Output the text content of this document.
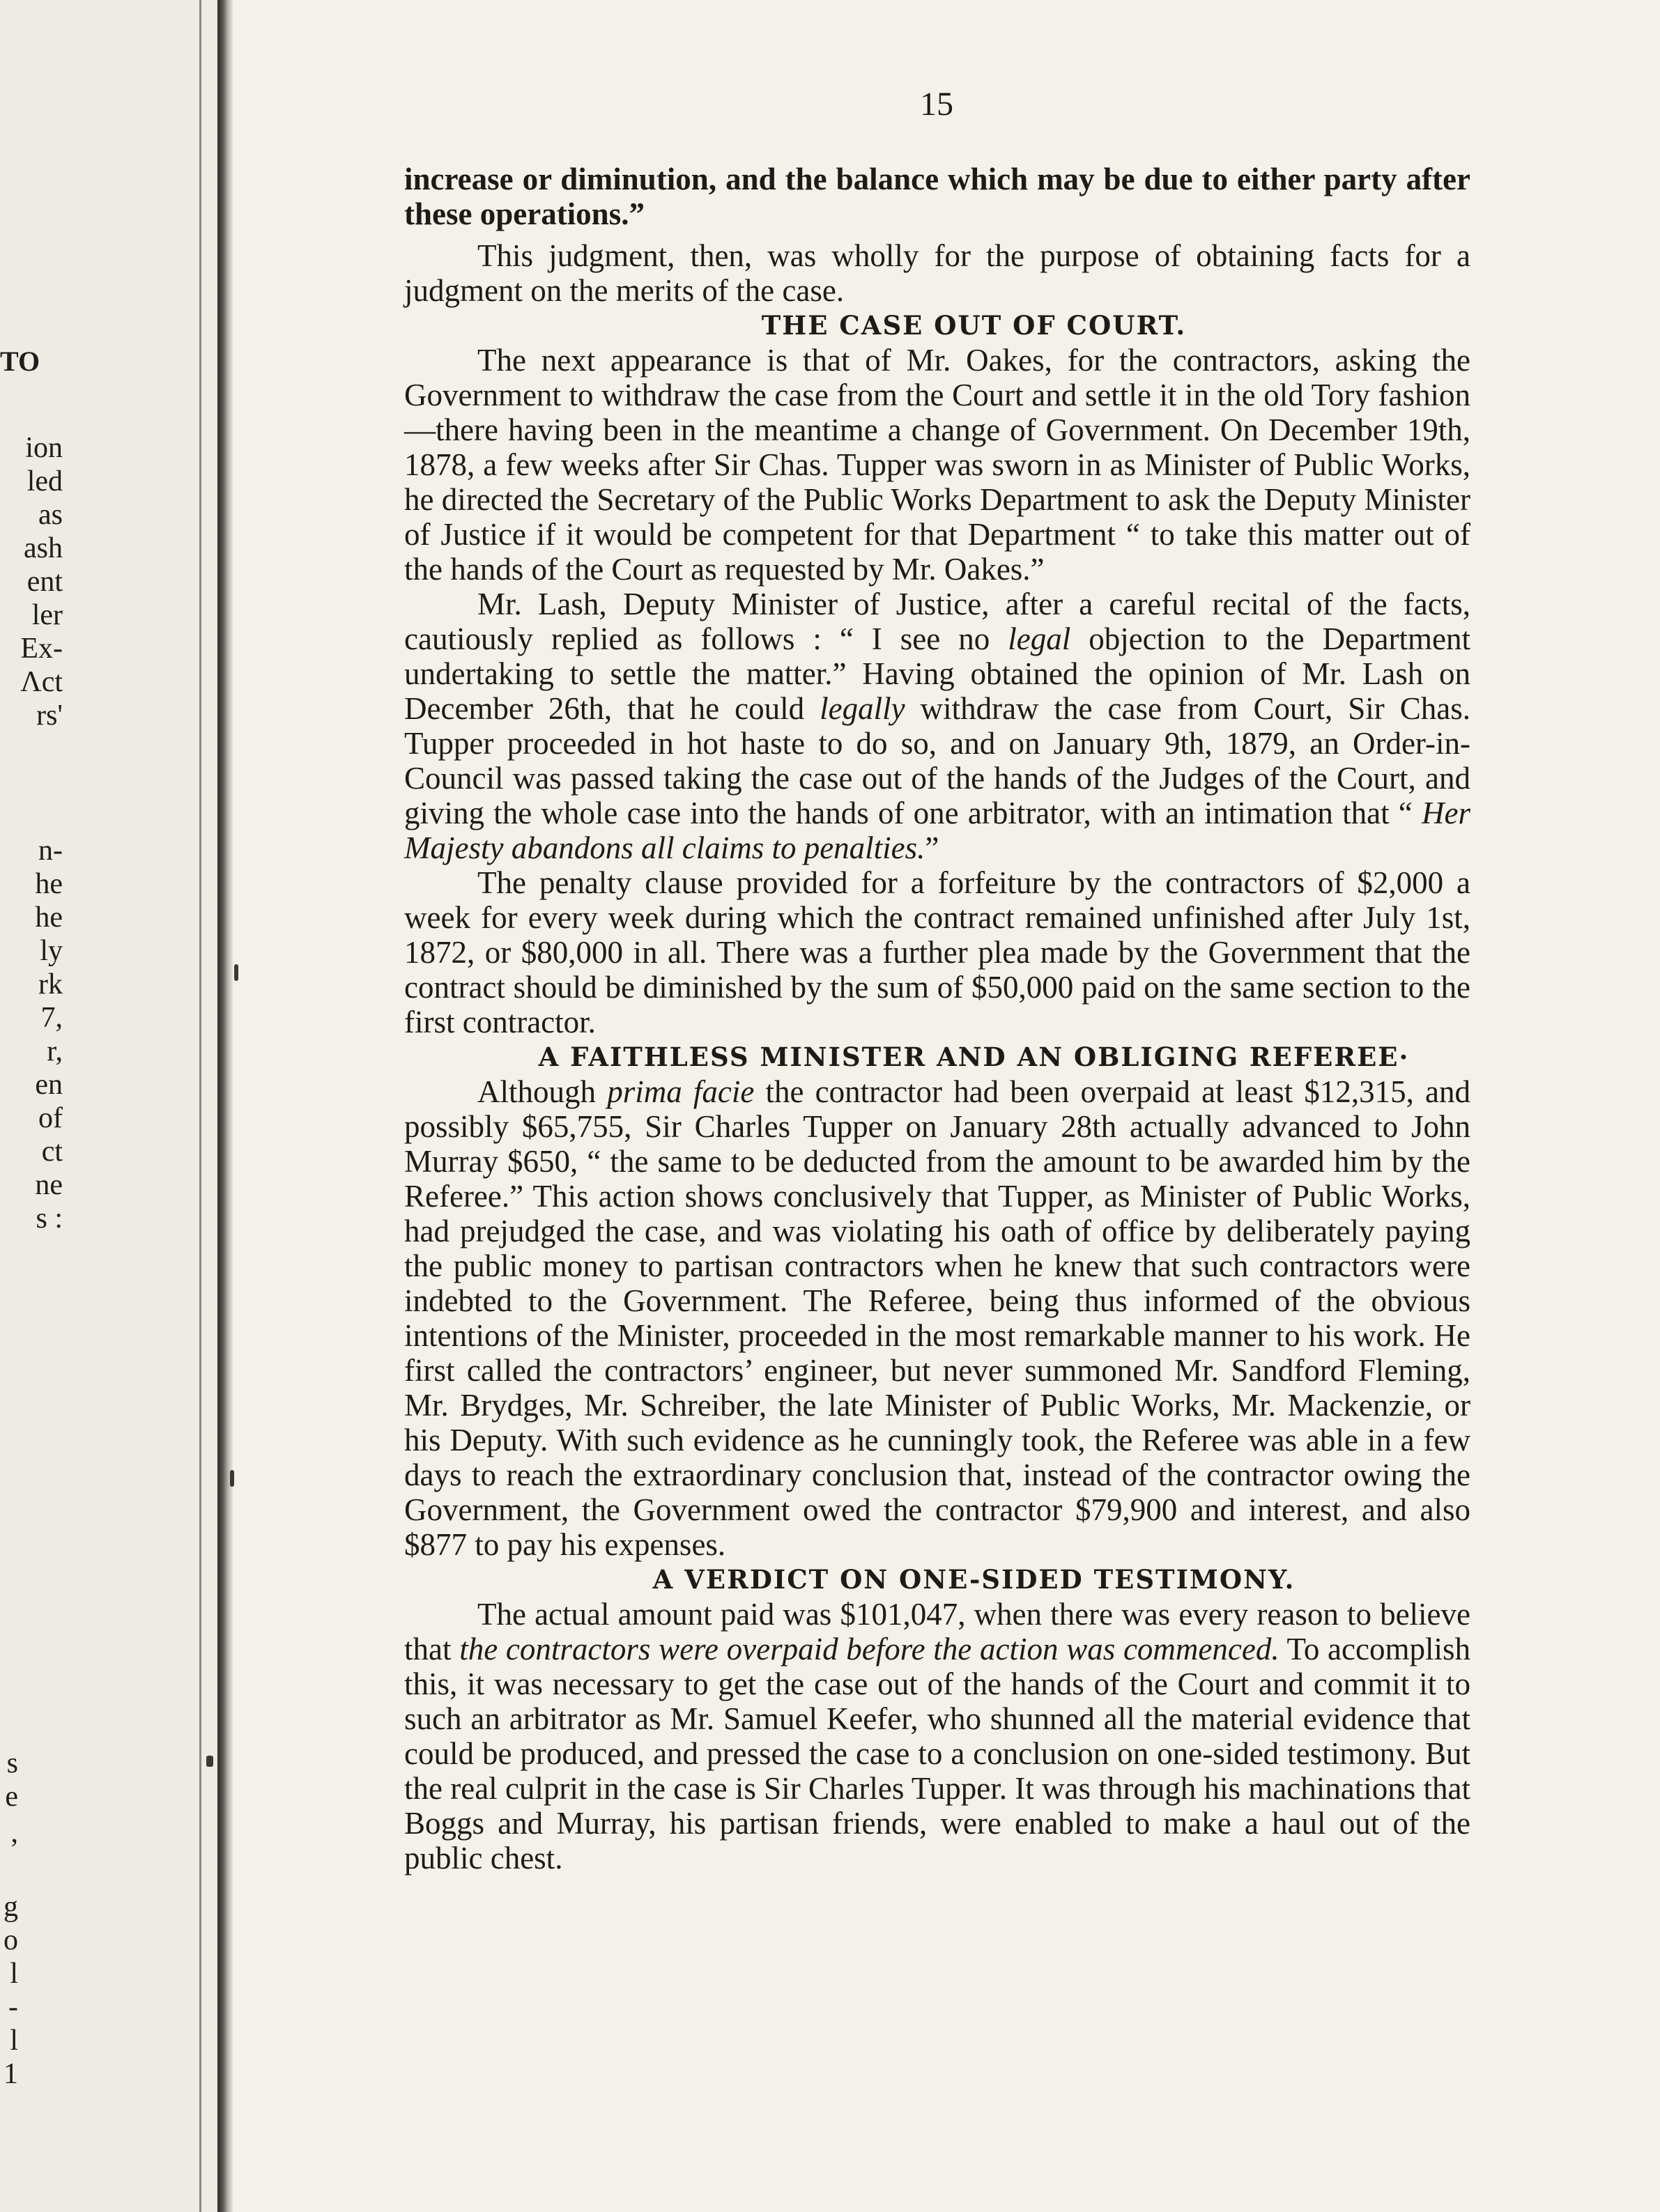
TO
ion
led
as
ash
ent
ler
Ex-
Λct
rs'
n-
he
he
ly
rk
7,
r,
en
of
ct
ne
s :
s
e
,
g
o
l
-
l
1
15

increase or diminution, and the balance which may be due to either party after these operations.”

This judgment, then, was wholly for the purpose of obtaining facts for a judgment on the merits of the case.

THE CASE OUT OF COURT.

The next appearance is that of Mr. Oakes, for the contractors, asking the Government to withdraw the case from the Court and settle it in the old Tory fashion—there having been in the meantime a change of Government. On December 19th, 1878, a few weeks after Sir Chas. Tupper was sworn in as Minister of Public Works, he directed the Secretary of the Public Works Department to ask the Deputy Minister of Justice if it would be competent for that Department “ to take this matter out of the hands of the Court as requested by Mr. Oakes.”

Mr. Lash, Deputy Minister of Justice, after a careful recital of the facts, cautiously replied as follows : “ I see no legal objection to the Department undertaking to settle the matter.” Having obtained the opinion of Mr. Lash on December 26th, that he could legally withdraw the case from Court, Sir Chas. Tupper proceeded in hot haste to do so, and on January 9th, 1879, an Order-in-Council was passed taking the case out of the hands of the Judges of the Court, and giving the whole case into the hands of one arbitrator, with an intimation that “ Her Majesty abandons all claims to penalties.”

The penalty clause provided for a forfeiture by the contractors of $2,000 a week for every week during which the contract remained unfinished after July 1st, 1872, or $80,000 in all. There was a further plea made by the Government that the contract should be diminished by the sum of $50,000 paid on the same section to the first contractor.

A FAITHLESS MINISTER AND AN OBLIGING REFEREE·

Although prima facie the contractor had been overpaid at least $12,315, and possibly $65,755, Sir Charles Tupper on January 28th actually advanced to John Murray $650, “ the same to be deducted from the amount to be awarded him by the Referee.” This action shows conclusively that Tupper, as Minister of Public Works, had prejudged the case, and was violating his oath of office by deliberately paying the public money to partisan contractors when he knew that such contractors were indebted to the Government. The Referee, being thus informed of the obvious intentions of the Minister, proceeded in the most remarkable manner to his work. He first called the contractors’ engineer, but never summoned Mr. Sandford Fleming, Mr. Brydges, Mr. Schreiber, the late Minister of Public Works, Mr. Mackenzie, or his Deputy. With such evidence as he cunningly took, the Referee was able in a few days to reach the extraordinary conclusion that, instead of the contractor owing the Government, the Government owed the contractor $79,900 and interest, and also $877 to pay his expenses.

A VERDICT ON ONE-SIDED TESTIMONY.

The actual amount paid was $101,047, when there was every reason to believe that the contractors were overpaid before the action was commenced. To accomplish this, it was necessary to get the case out of the hands of the Court and commit it to such an arbitrator as Mr. Samuel Keefer, who shunned all the material evidence that could be produced, and pressed the case to a conclusion on one-sided testimony. But the real culprit in the case is Sir Charles Tupper. It was through his machinations that Boggs and Murray, his partisan friends, were enabled to make a haul out of the public chest.
